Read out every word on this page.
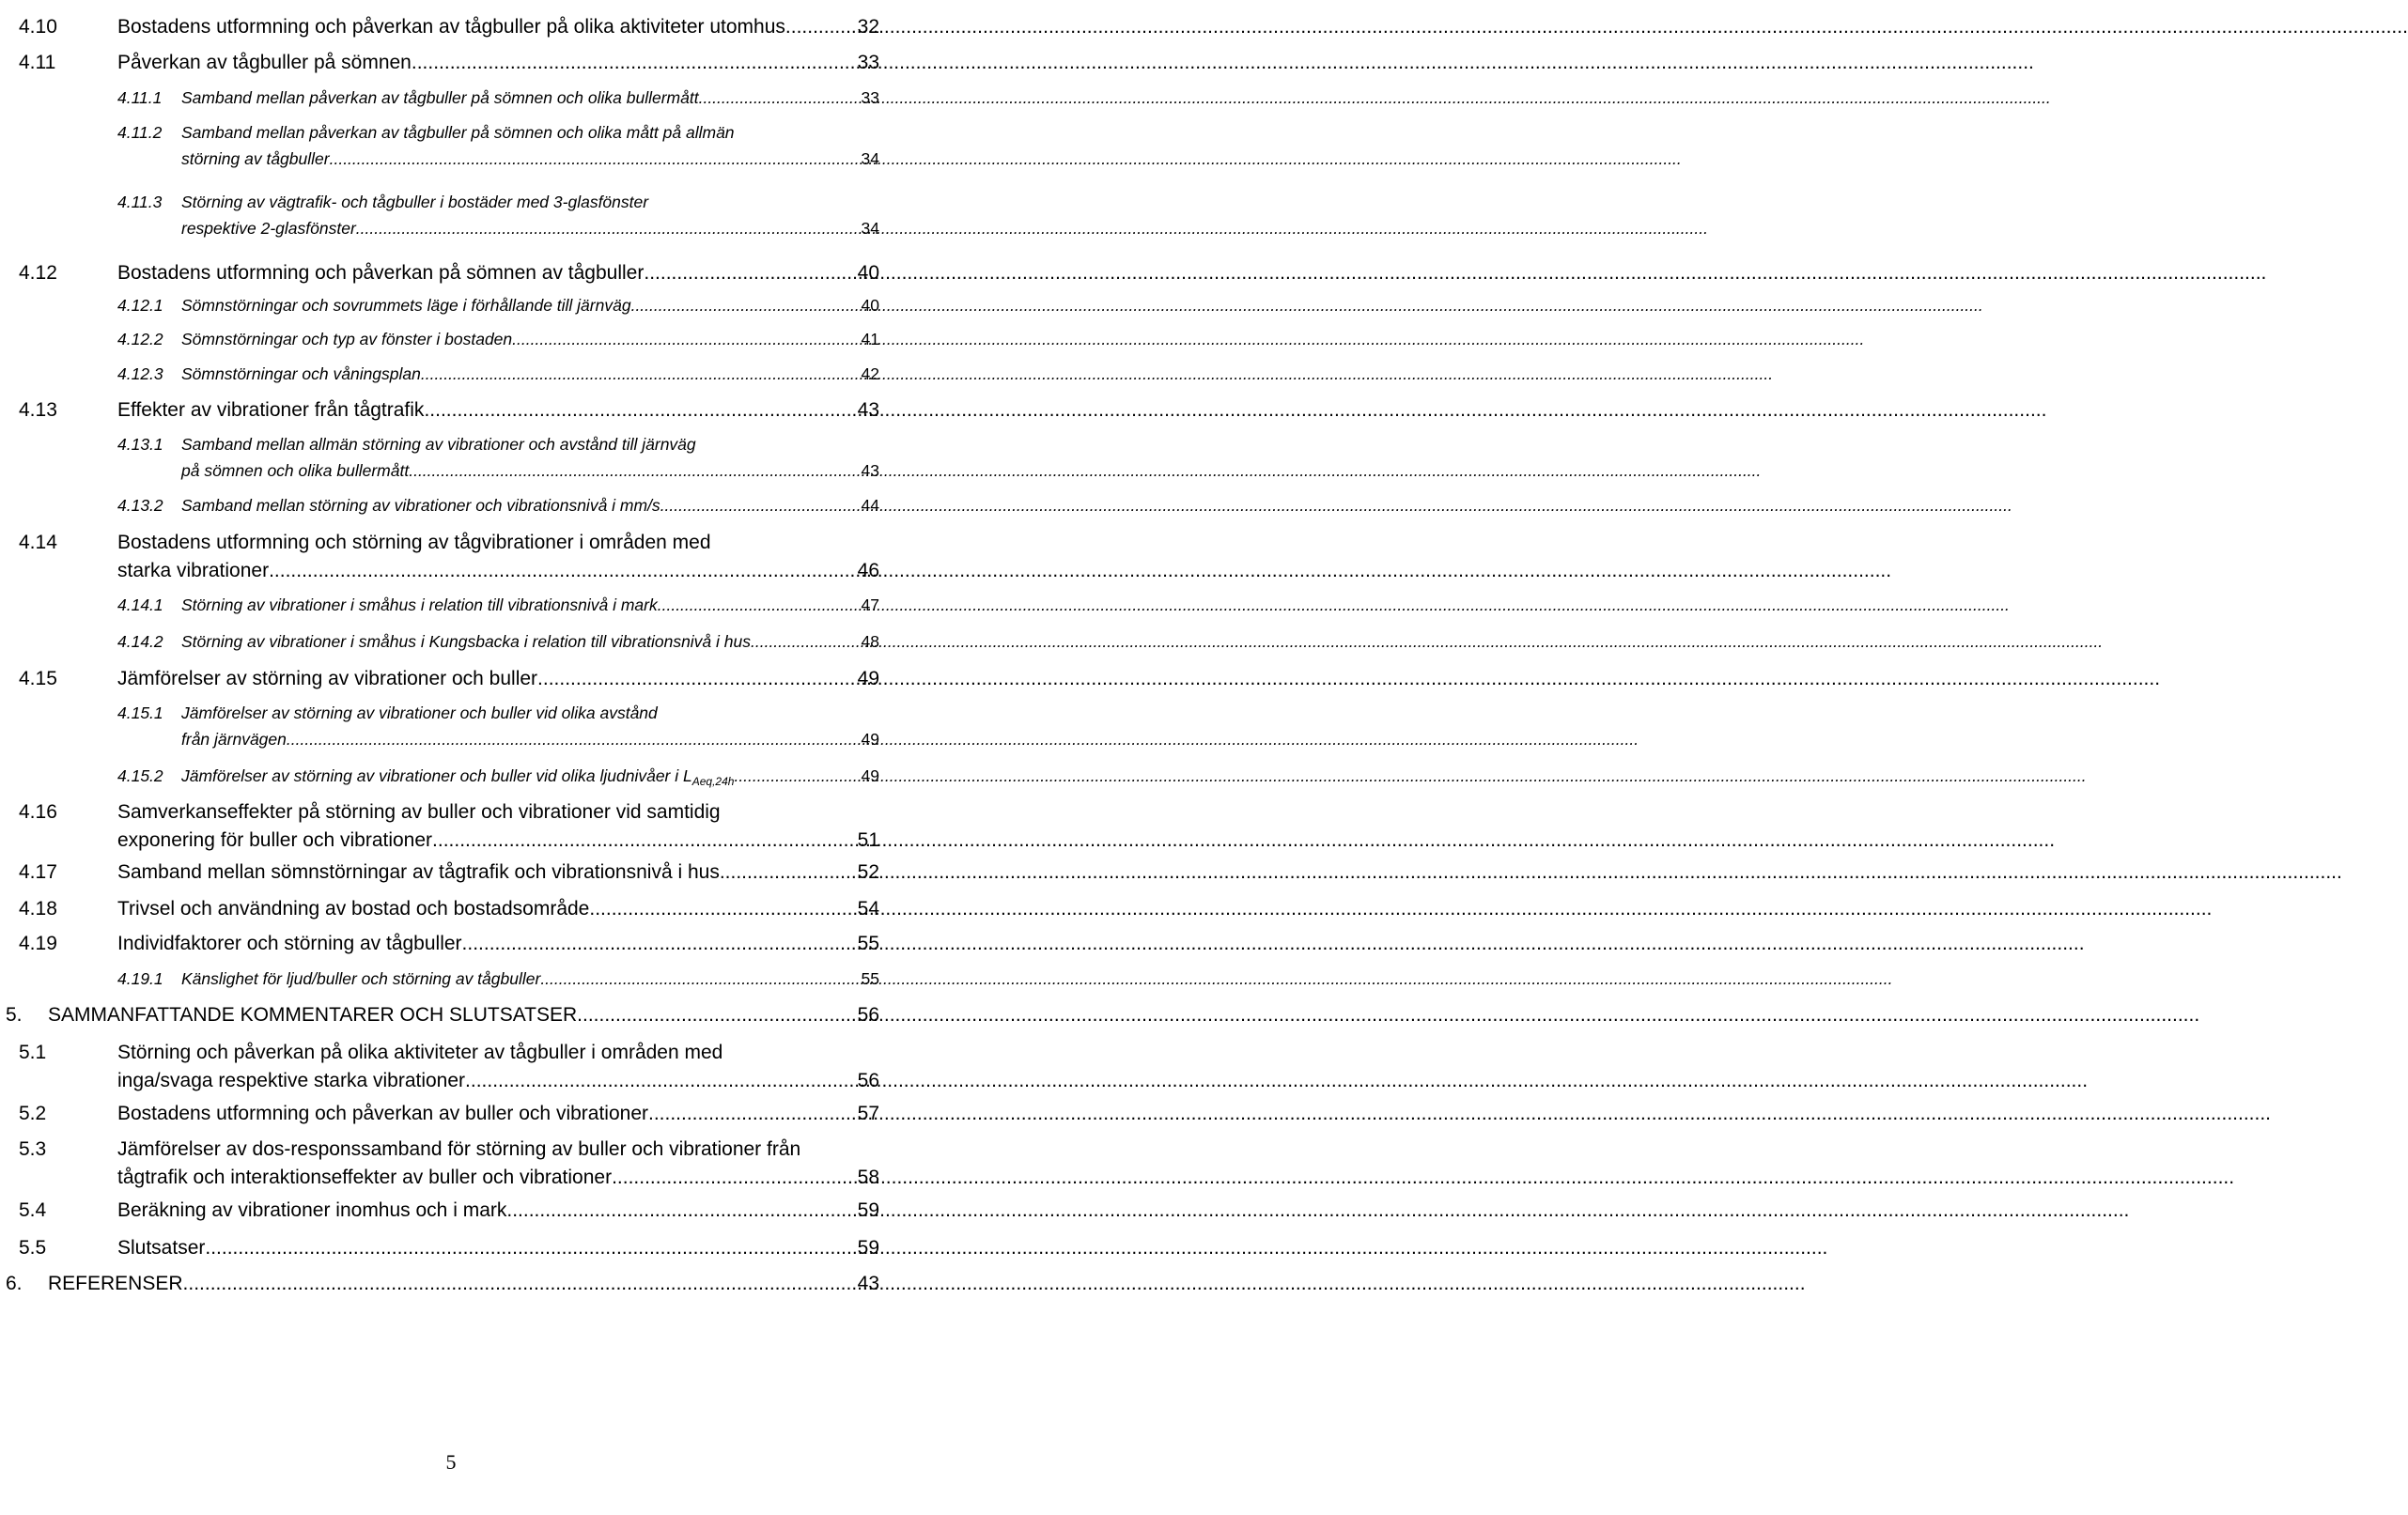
4.10	Bostadens utformning och påverkan av tågbuller på olika aktiviteter utomhus .....	32
4.11	Påverkan av tågbuller på sömnen .....	33
4.11.1	Samband mellan påverkan av tågbuller på sömnen och olika bullermått .....	33
4.11.2	Samband mellan påverkan av tågbuller på sömnen och olika mått på allmän
störning av tågbuller .....	34
4.11.3	Störning av vägtrafik- och tågbuller i bostäder med 3-glasfönster
respektive 2-glasfönster .....	34
4.12	Bostadens utformning och påverkan på sömnen av tågbuller .....	40
4.12.1	Sömnstörningar och sovrummets läge i förhållande till järnväg .....	40
4.12.2	Sömnstörningar och typ av fönster i bostaden .....	41
4.12.3	Sömnstörningar och våningsplan .....	42
4.13	Effekter av vibrationer från tågtrafik .....	43
4.13.1	Samband mellan allmän störning av vibrationer och avstånd till järnväg
på sömnen och olika bullermått .....	43
4.13.2	Samband mellan störning av vibrationer och vibrationsnivå i mm/s .....	44
4.14	Bostadens utformning och störning av tågvibrationer i områden med
starka vibrationer .....	46
4.14.1	Störning av vibrationer i småhus i relation till vibrationsnivå i mark .....	47
4.14.2	Störning av vibrationer i småhus i Kungsbacka i relation till vibrationsnivå i hus .....	48
4.15	Jämförelser av störning av vibrationer och buller .....	49
4.15.1	Jämförelser av störning av vibrationer och buller vid olika avstånd
från järnvägen .....	49
4.15.2	Jämförelser av störning av vibrationer och buller vid olika ljudnivåer i $L_{Aeq,24h}$ .....	49
4.16	Samverkanseffekter på störning av buller och vibrationer vid samtidig
exponering för buller och vibrationer .....	51
4.17	Samband mellan sömnstörningar av tågtrafik och vibrationsnivå i hus .....	52
4.18	Trivsel och användning av bostad och bostadsområde .....	54
4.19	Individfaktorer och störning av tågbuller .....	55
4.19.1	Känslighet för ljud/buller och störning av tågbuller .....	55
5.	SAMMANFATTANDE KOMMENTARER OCH SLUTSATSER .....	56
5.1	Störning och påverkan på olika aktiviteter av tågbuller i områden med
inga/svaga respektive starka vibrationer .....	56
5.2	Bostadens utformning och påverkan av buller och vibrationer .....	57
5.3	Jämförelser av dos-responssamband för störning av buller och vibrationer från
tågtrafik och interaktionseffekter av buller och vibrationer .....	58
5.4	Beräkning av vibrationer inomhus och i mark .....	59
5.5	Slutsatser .....	59
6.	REFERENSER .....	43
5
